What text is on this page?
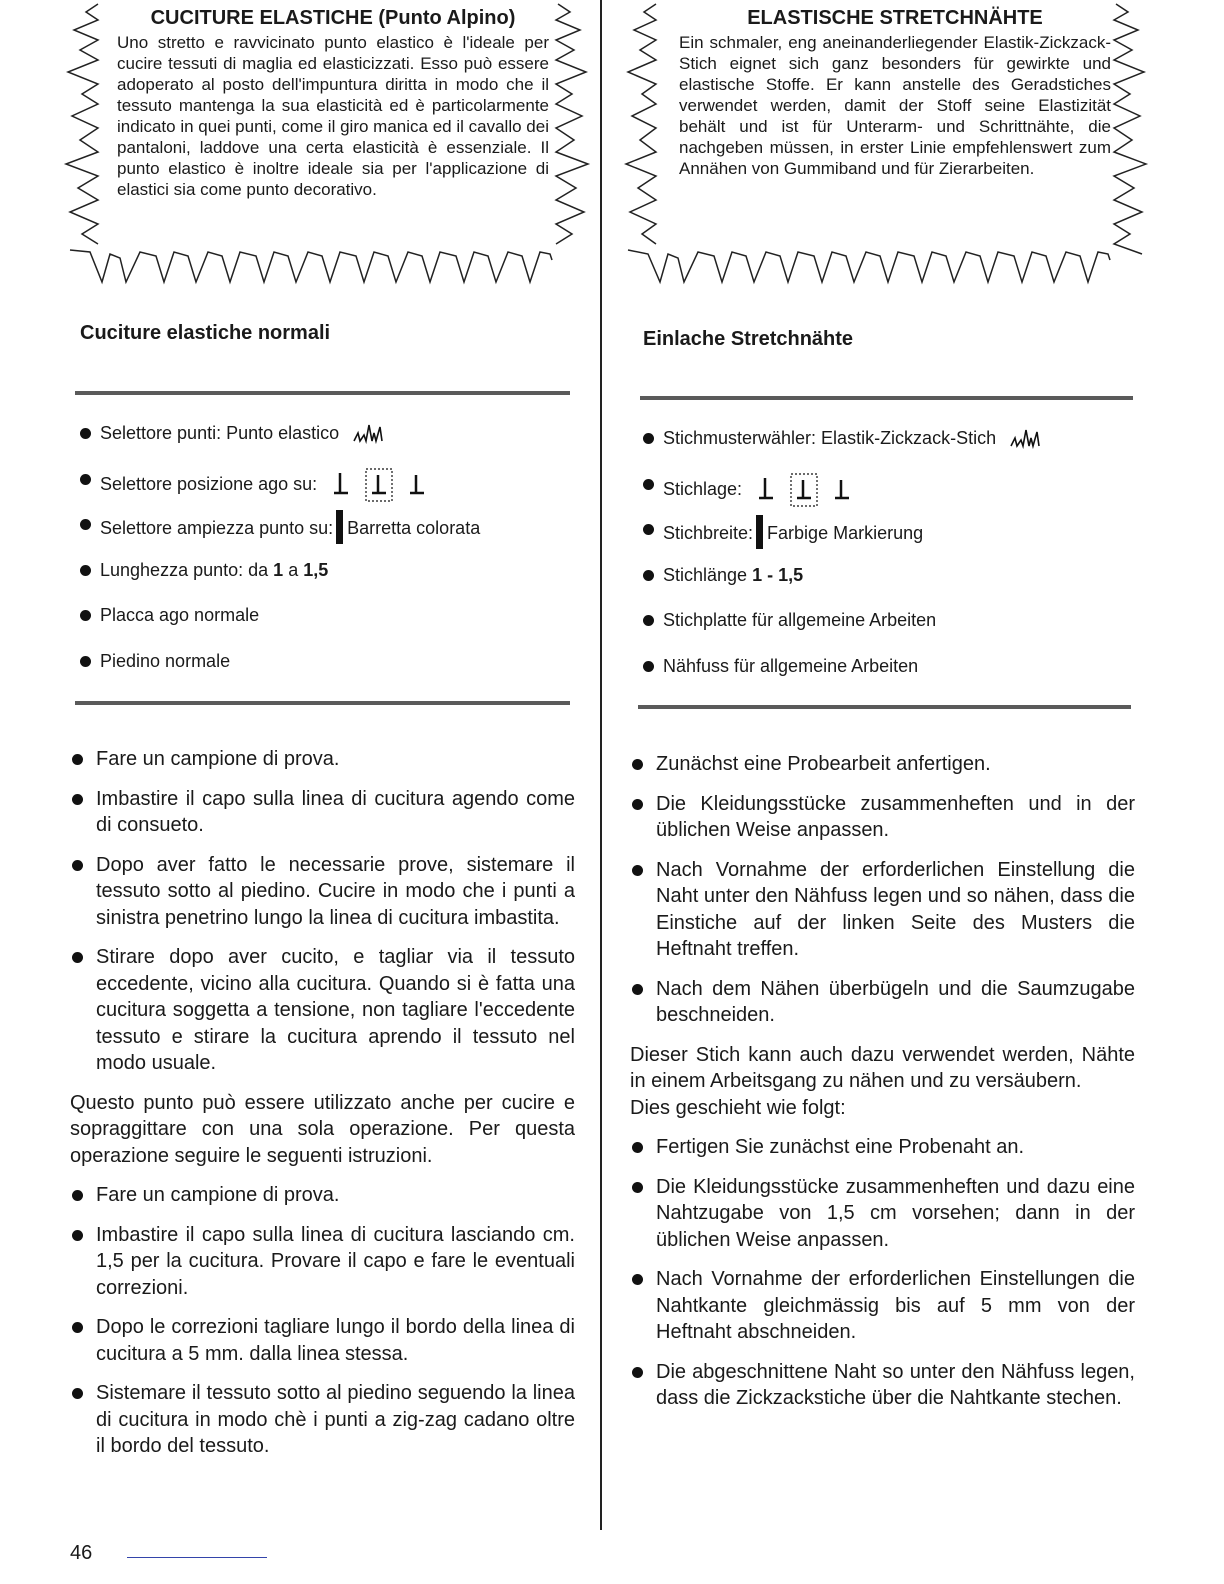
CUCITURE ELASTICHE (Punto Alpino)

Uno stretto e ravvicinato punto elastico è l'ideale per cucire tessuti di maglia ed elasticizzati. Esso può essere adoperato al posto dell'impuntura diritta in modo che il tessuto mantenga la sua elasticità ed è particolarmente indicato in quei punti, come il giro manica ed il cavallo dei pantaloni, laddove una certa elasticità è essenziale. Il punto elastico è inoltre ideale sia per l'applicazione di elastici sia come punto decorativo.

Cuciture elastiche normali
Selettore punti: Punto elastico
Selettore posizione ago su:
Selettore ampiezza punto su: Barretta colorata
Lunghezza punto: da 1 a 1,5
Placca ago normale
Piedino normale
Fare un campione di prova.
Imbastire il capo sulla linea di cucitura agendo come di consueto.
Dopo aver fatto le necessarie prove, sistemare il tessuto sotto al piedino. Cucire in modo che i punti a sinistra penetrino lungo la linea di cucitura imbastita.
Stirare dopo aver cucito, e tagliar via il tessuto eccedente, vicino alla cucitura. Quando si è fatta una cucitura soggetta a tensione, non tagliare l'eccedente tessuto e stirare la cucitura aprendo il tessuto nel modo usuale.

Questo punto può essere utilizzato anche per cucire e sopraggittare con una sola operazione. Per questa operazione seguire le seguenti istruzioni.

Fare un campione di prova.
Imbastire il capo sulla linea di cucitura lasciando cm. 1,5 per la cucitura. Provare il capo e fare le eventuali correzioni.
Dopo le correzioni tagliare lungo il bordo della linea di cucitura a 5 mm. dalla linea stessa.
Sistemare il tessuto sotto al piedino seguendo la linea di cucitura in modo chè i punti a zig-zag cadano oltre il bordo del tessuto.
ELASTISCHE STRETCHNÄHTE

Ein schmaler, eng aneinanderliegender Elastik-Zickzack-Stich eignet sich ganz besonders für gewirkte und elastische Stoffe. Er kann anstelle des Geradstiches verwendet werden, damit der Stoff seine Elastizität behält und ist für Unterarm- und Schrittnähte, die nachgeben müssen, in erster Linie empfehlenswert zum Annähen von Gummiband und für Zierarbeiten.

Einlache Stretchnähte
Stichmusterwähler: Elastik-Zickzack-Stich
Stichlage:
Stichbreite: Farbige Markierung
Stichlänge 1 - 1,5
Stichplatte für allgemeine Arbeiten
Nähfuss für allgemeine Arbeiten
Zunächst eine Probearbeit anfertigen.
Die Kleidungsstücke zusammenheften und in der üblichen Weise anpassen.
Nach Vornahme der erforderlichen Einstellung die Naht unter den Nähfuss legen und so nähen, dass die Einstiche auf der linken Seite des Musters die Heftnaht treffen.
Nach dem Nähen überbügeln und die Saumzugabe beschneiden.

Dieser Stich kann auch dazu verwendet werden, Nähte in einem Arbeitsgang zu nähen und zu versäubern.

Dies geschieht wie folgt:

Fertigen Sie zunächst eine Probenaht an.
Die Kleidungsstücke zusammenheften und dazu eine Nahtzugabe von 1,5 cm vorsehen; dann in der üblichen Weise anpassen.
Nach Vornahme der erforderlichen Einstellungen die Nahtkante gleichmässig bis auf 5 mm von der Heftnaht abschneiden.
Die abgeschnittene Naht so unter den Nähfuss legen, dass die Zickzackstiche über die Nahtkante stechen.
46
